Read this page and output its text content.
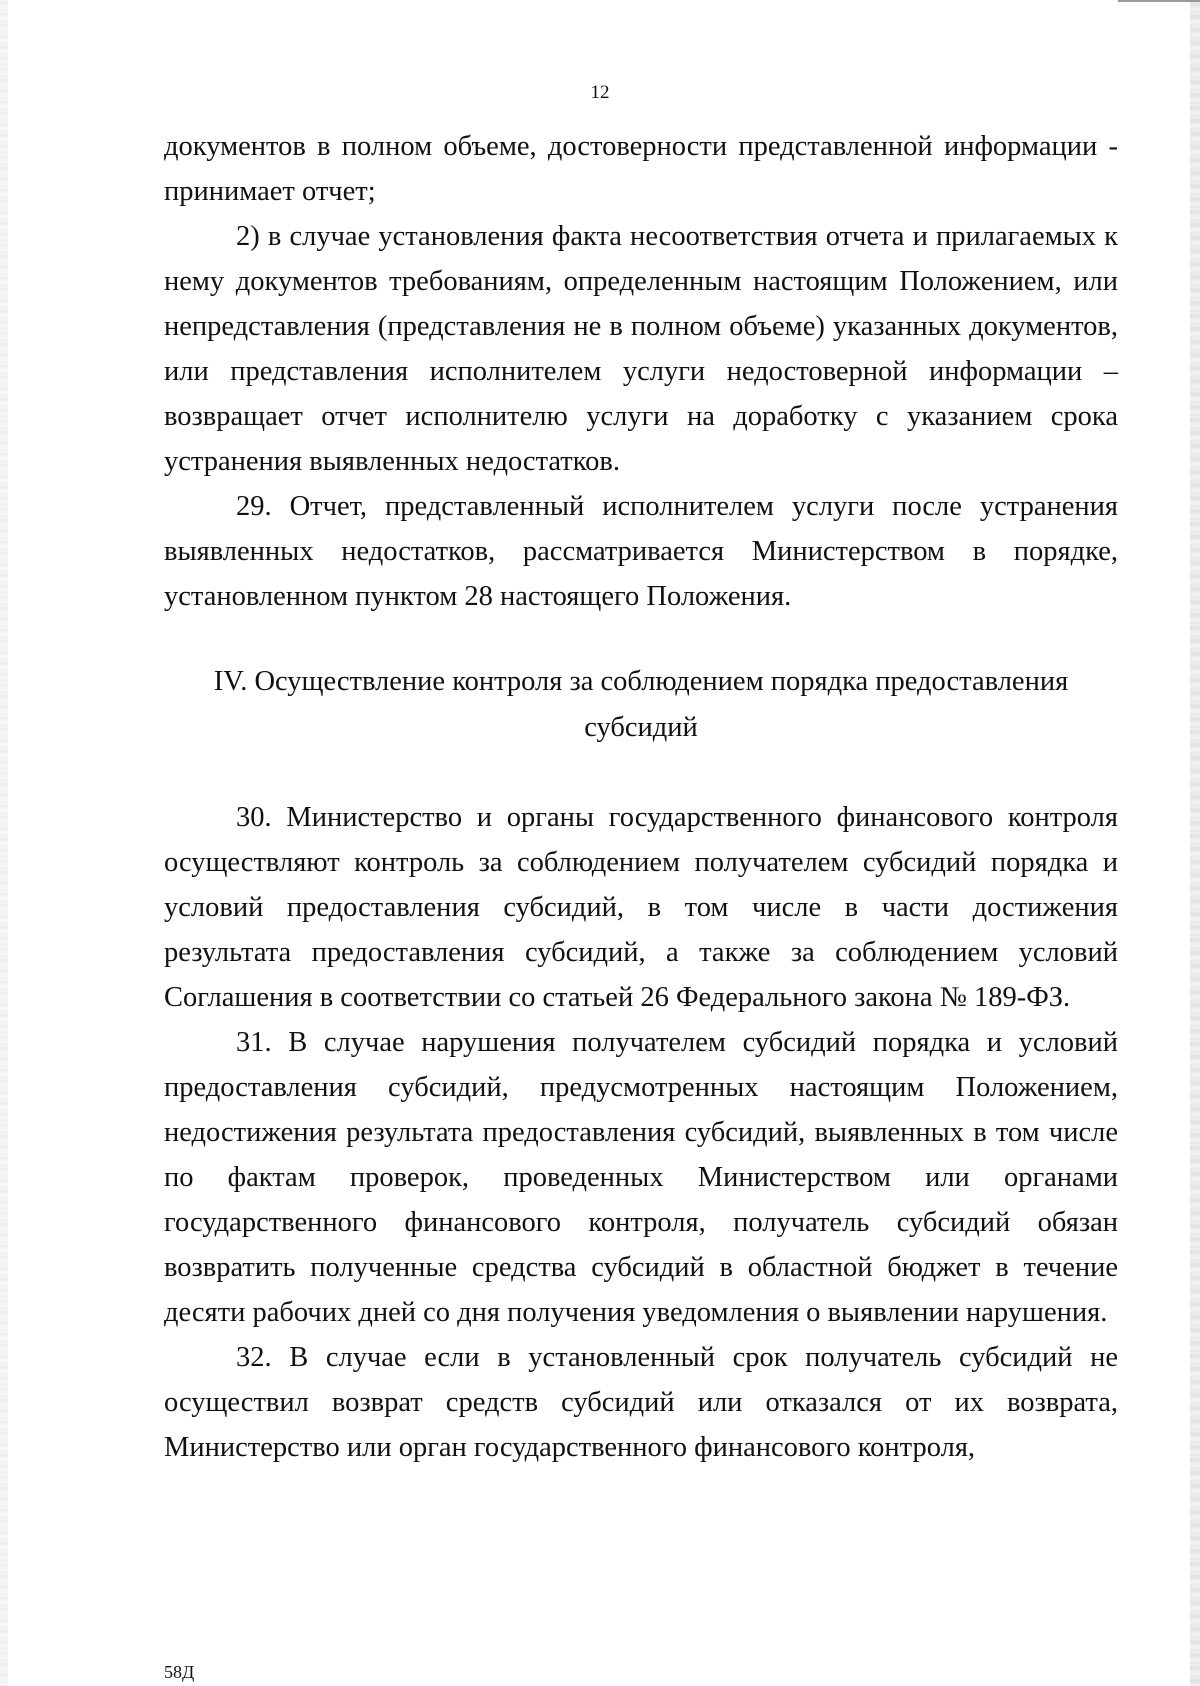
12

документов в полном объеме, достоверности представленной информации - принимает отчет;

2) в случае установления факта несоответствия отчета и прилагаемых к нему документов требованиям, определенным настоящим Положением, или непредставления (представления не в полном объеме) указанных документов, или представления исполнителем услуги недостоверной информации – возвращает отчет исполнителю услуги на доработку с указанием срока устранения выявленных недостатков.

29. Отчет, представленный исполнителем услуги после устранения выявленных недостатков, рассматривается Министерством в порядке, установленном пунктом 28 настоящего Положения.

IV. Осуществление контроля за соблюдением порядка предоставления
субсидий

30. Министерство и органы государственного финансового контроля осуществляют контроль за соблюдением получателем субсидий порядка и условий предоставления субсидий, в том числе в части достижения результата предоставления субсидий, а также за соблюдением условий Соглашения в соответствии со статьей 26 Федерального закона № 189-ФЗ.

31. В случае нарушения получателем субсидий порядка и условий предоставления субсидий, предусмотренных настоящим Положением, недостижения результата предоставления субсидий, выявленных в том числе по фактам проверок, проведенных Министерством или органами государственного финансового контроля, получатель субсидий обязан возвратить полученные средства субсидий в областной бюджет в течение десяти рабочих дней со дня получения уведомления о выявлении нарушения.

32. В случае если в установленный срок получатель субсидий не осуществил возврат средств субсидий или отказался от их возврата, Министерство или орган государственного финансового контроля,

58Д
